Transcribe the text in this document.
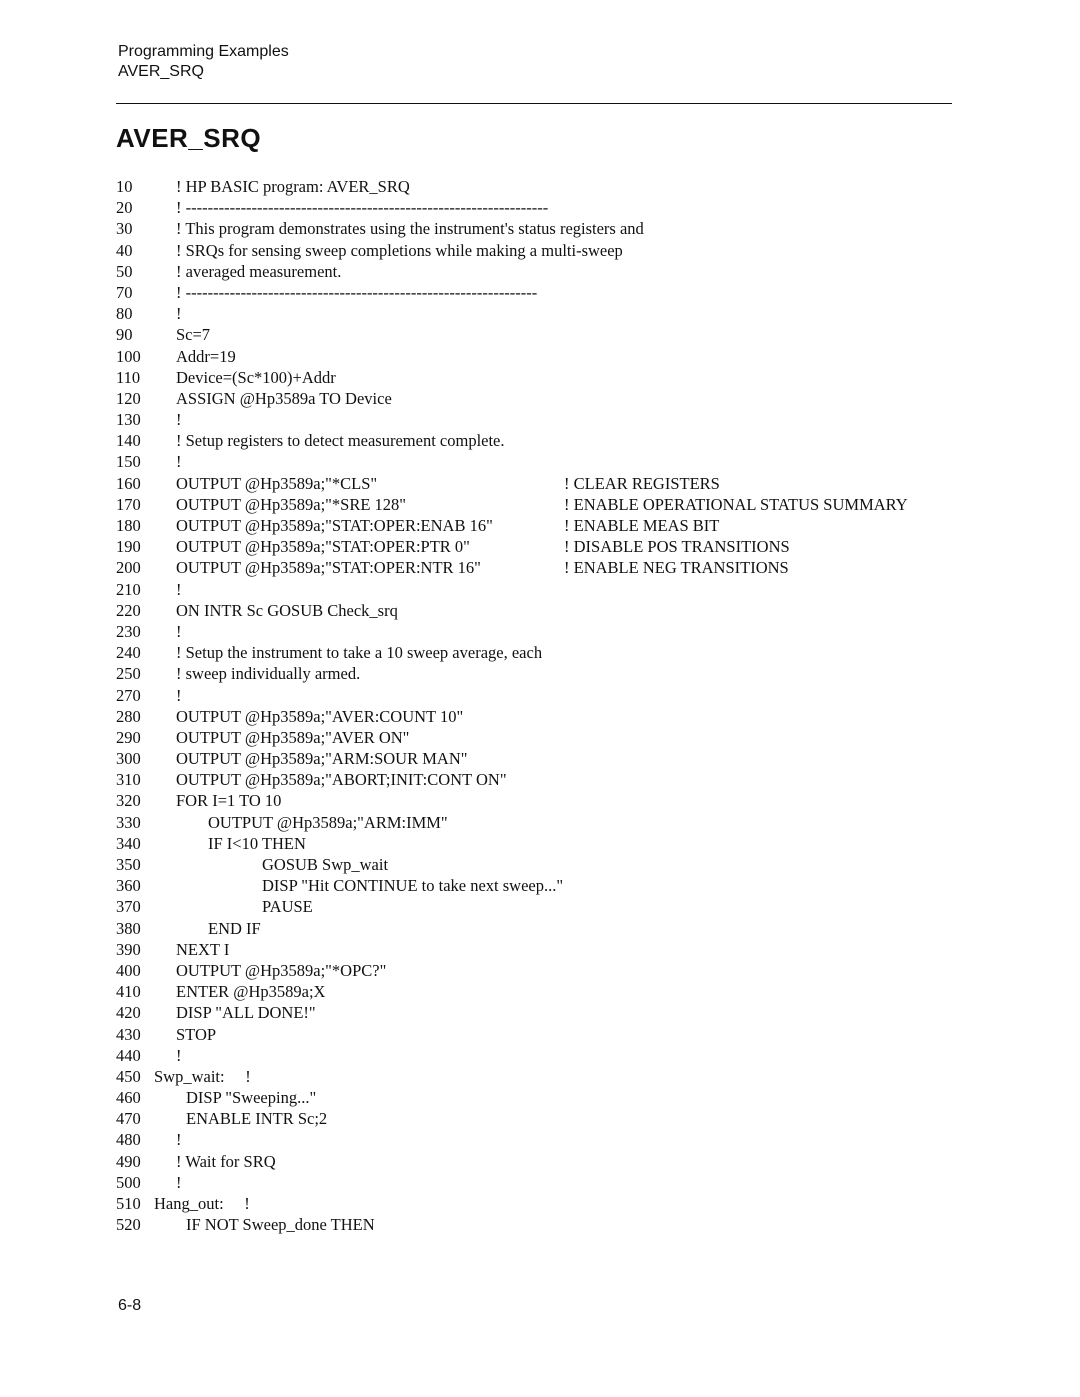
Programming Examples
AVER_SRQ
AVER_SRQ
10	! HP BASIC program: AVER_SRQ
20	! ------------------------------------------------------------------
30	! This program demonstrates using the instrument's status registers and
40	! SRQs for sensing sweep completions while making a multi-sweep
50	! averaged measurement.
70	! ----------------------------------------------------------------
80	!
90	Sc=7
100 Addr=19
110 Device=(Sc*100)+Addr
120 ASSIGN @Hp3589a TO Device
130 !
140 ! Setup registers to detect measurement complete.
150 !
160 OUTPUT @Hp3589a;"*CLS"	! CLEAR REGISTERS
170 OUTPUT @Hp3589a;"*SRE 128"	! ENABLE OPERATIONAL STATUS SUMMARY
180 OUTPUT @Hp3589a;"STAT:OPER:ENAB 16"	! ENABLE MEAS BIT
190 OUTPUT @Hp3589a;"STAT:OPER:PTR 0"	! DISABLE POS TRANSITIONS
200 OUTPUT @Hp3589a;"STAT:OPER:NTR 16"	! ENABLE NEG TRANSITIONS
210 !
220 ON INTR Sc GOSUB Check_srq
230 !
240 ! Setup the instrument to take a 10 sweep average, each
250 ! sweep individually armed.
270 !
280 OUTPUT @Hp3589a;"AVER:COUNT 10"
290 OUTPUT @Hp3589a;"AVER ON"
300 OUTPUT @Hp3589a;"ARM:SOUR MAN"
310 OUTPUT @Hp3589a;"ABORT;INIT:CONT ON"
320 FOR I=1 TO 10
330	OUTPUT @Hp3589a;"ARM:IMM"
340	IF I<10 THEN
350	GOSUB Swp_wait
360	DISP "Hit CONTINUE to take next sweep..."
370	PAUSE
380	END IF
390 NEXT I
400 OUTPUT @Hp3589a;"*OPC?"
410 ENTER @Hp3589a;X
420 DISP "ALL DONE!"
430 STOP
440 !
450 Swp_wait:     !
460	DISP "Sweeping..."
470	ENABLE INTR Sc;2
480 !
490 ! Wait for SRQ
500 !
510 Hang_out:     !
520	IF NOT Sweep_done THEN
6-8
